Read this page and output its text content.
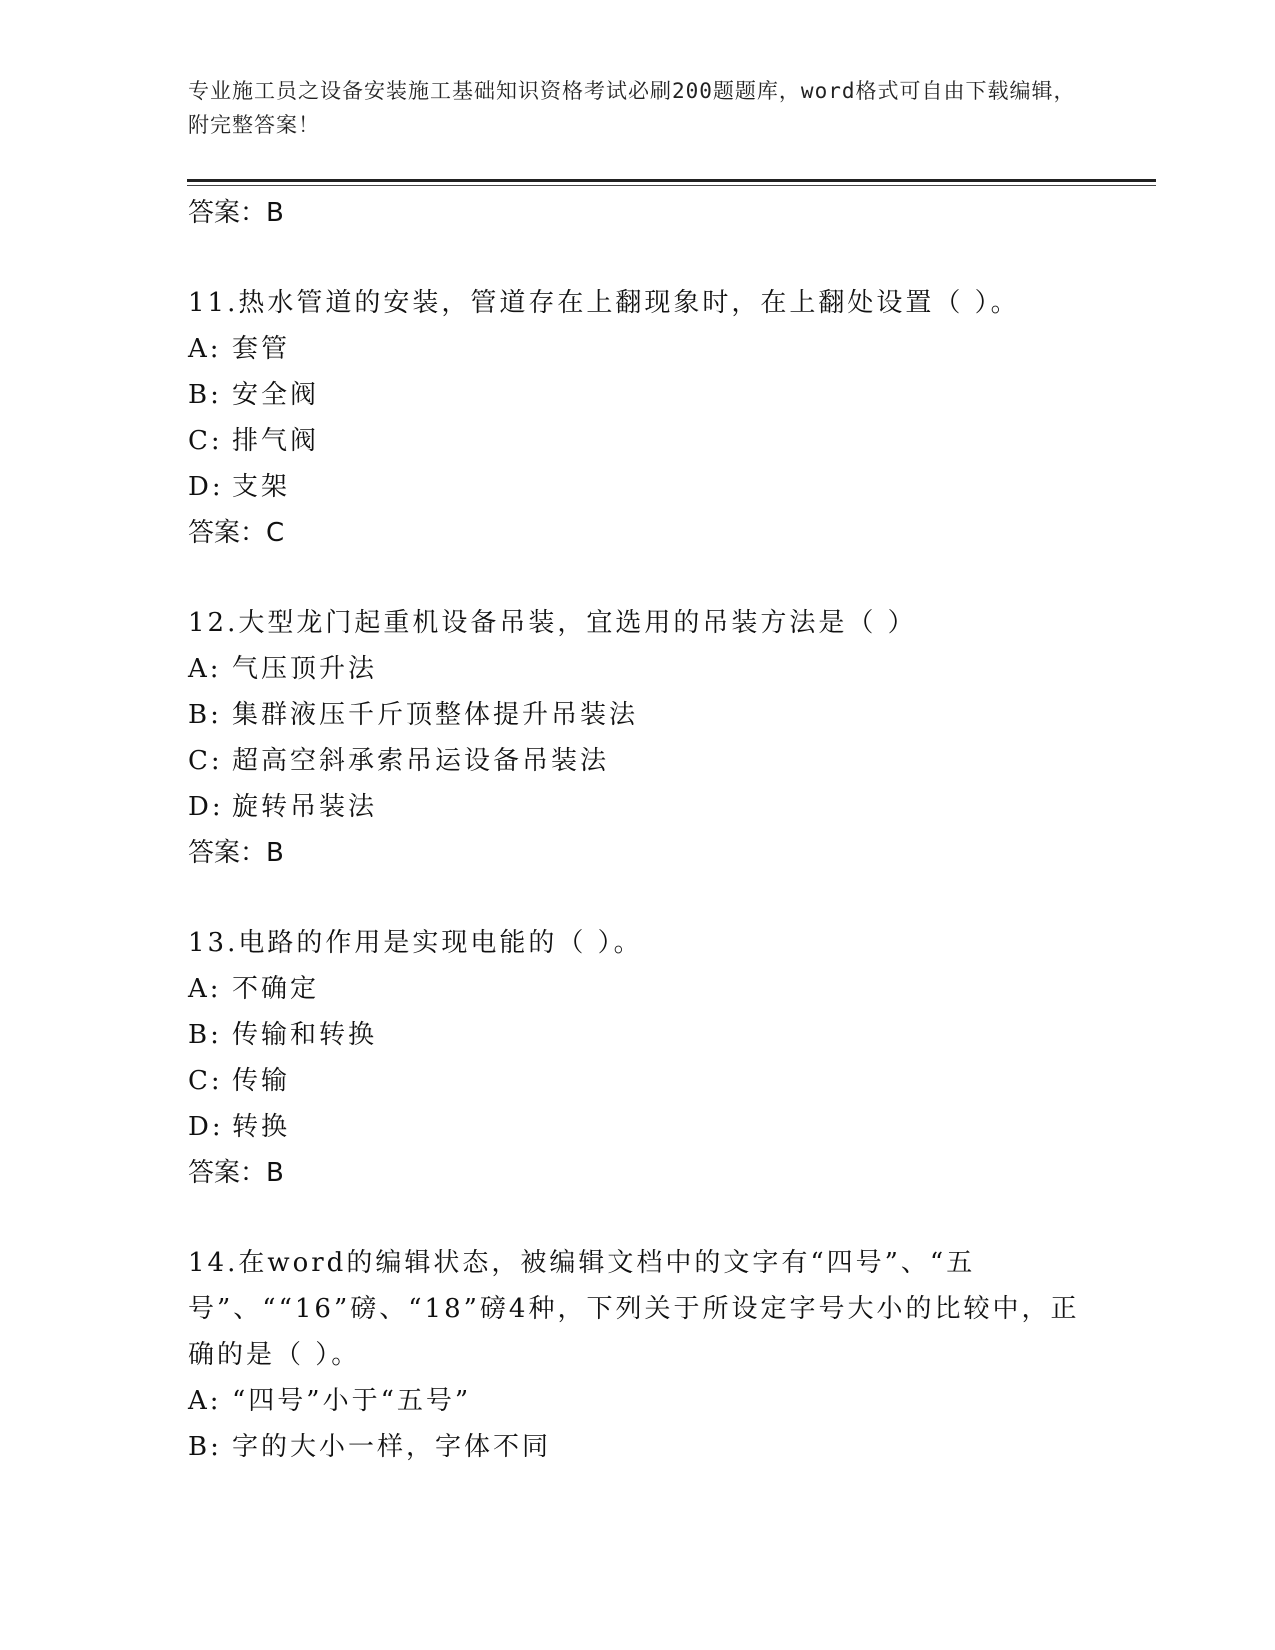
专业施工员之设备安装施工基础知识资格考试必刷200题题库，word格式可自由下载编辑，附完整答案！
答案：B
11.热水管道的安装，管道存在上翻现象时，在上翻处设置（ ）。
A: 套管
B: 安全阀
C: 排气阀
D: 支架
答案：C
12.大型龙门起重机设备吊装，宜选用的吊装方法是（ ）
A: 气压顶升法
B: 集群液压千斤顶整体提升吊装法
C: 超高空斜承索吊运设备吊装法
D: 旋转吊装法
答案：B
13.电路的作用是实现电能的（ ）。
A: 不确定
B: 传输和转换
C: 传输
D: 转换
答案：B
14.在word的编辑状态，被编辑文档中的文字有“四号”、“五号”、““16”磅、“18”磅4种，下列关于所设定字号大小的比较中，正确的是（ ）。
A: “四号”小于“五号”
B: 字的大小一样，字体不同
